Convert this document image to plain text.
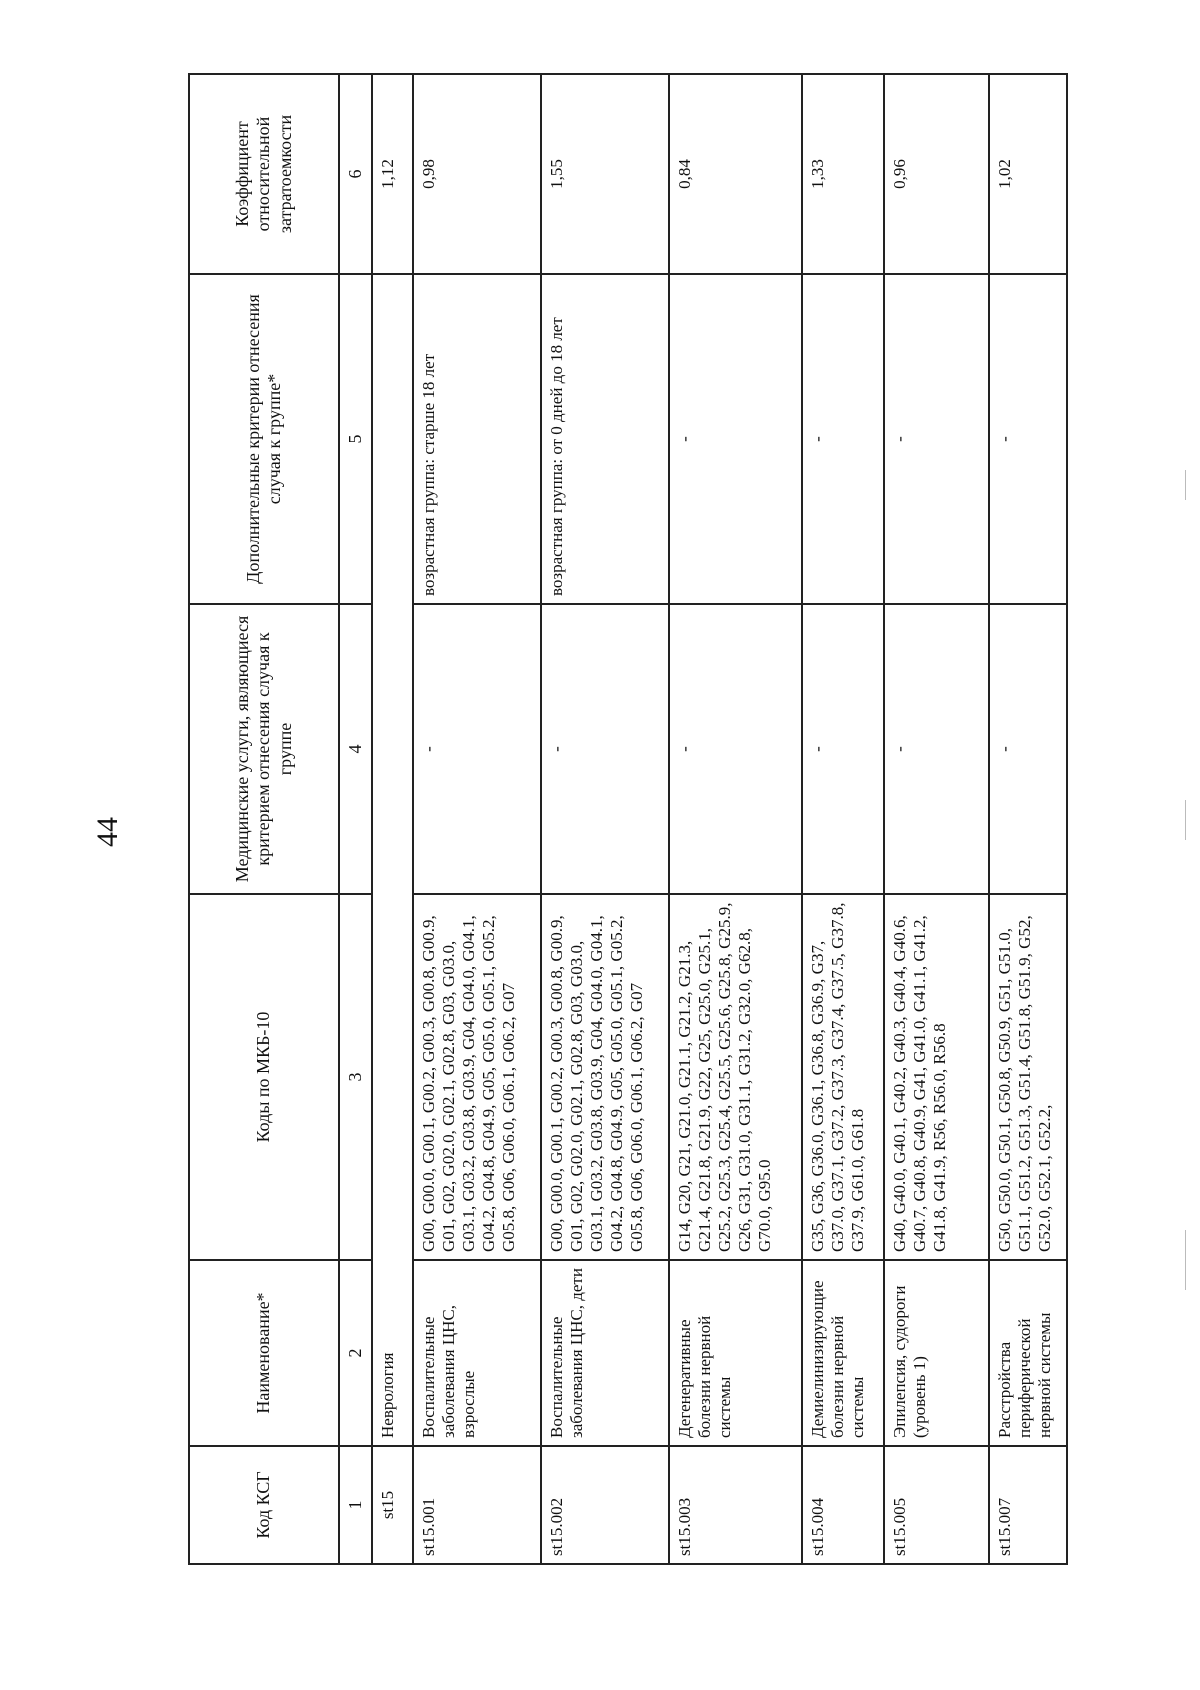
44
Код КСГ	Наименование*	Коды по МКБ-10	Медицинские услуги, являющиеся критерием отнесения случая к группе	Дополнительные критерии отнесения случая к группе*	Коэффициент относительной затратоемкости
1	2	3	4	5	6
st15	Неврология				1,12
st15.001	Воспалительные заболевания ЦНС, взрослые	G00, G00.0, G00.1, G00.2, G00.3, G00.8, G00.9, G01, G02, G02.0, G02.1, G02.8, G03, G03.0, G03.1, G03.2, G03.8, G03.9, G04, G04.0, G04.1, G04.2, G04.8, G04.9, G05, G05.0, G05.1, G05.2, G05.8, G06, G06.0, G06.1, G06.2, G07	-	возрастная группа: старше 18 лет	0,98
st15.002	Воспалительные заболевания ЦНС, дети	G00, G00.0, G00.1, G00.2, G00.3, G00.8, G00.9, G01, G02, G02.0, G02.1, G02.8, G03, G03.0, G03.1, G03.2, G03.8, G03.9, G04, G04.0, G04.1, G04.2, G04.8, G04.9, G05, G05.0, G05.1, G05.2, G05.8, G06, G06.0, G06.1, G06.2, G07	-	возрастная группа: от 0 дней до 18 лет	1,55
st15.003	Дегенеративные болезни нервной системы	G14, G20, G21, G21.0, G21.1, G21.2, G21.3, G21.4, G21.8, G21.9, G22, G25, G25.0, G25.1, G25.2, G25.3, G25.4, G25.5, G25.6, G25.8, G25.9, G26, G31, G31.0, G31.1, G31.2, G32.0, G62.8, G70.0, G95.0	-	-	0,84
st15.004	Демиелинизирующие болезни нервной системы	G35, G36, G36.0, G36.1, G36.8, G36.9, G37, G37.0, G37.1, G37.2, G37.3, G37.4, G37.5, G37.8, G37.9, G61.0, G61.8	-	-	1,33
st15.005	Эпилепсия, судороги (уровень 1)	G40, G40.0, G40.1, G40.2, G40.3, G40.4, G40.6, G40.7, G40.8, G40.9, G41, G41.0, G41.1, G41.2, G41.8, G41.9, R56, R56.0, R56.8	-	-	0,96
st15.007	Расстройства периферической нервной системы	G50, G50.0, G50.1, G50.8, G50.9, G51, G51.0, G51.1, G51.2, G51.3, G51.4, G51.8, G51.9, G52, G52.0, G52.1, G52.2,	-	-	1,02
